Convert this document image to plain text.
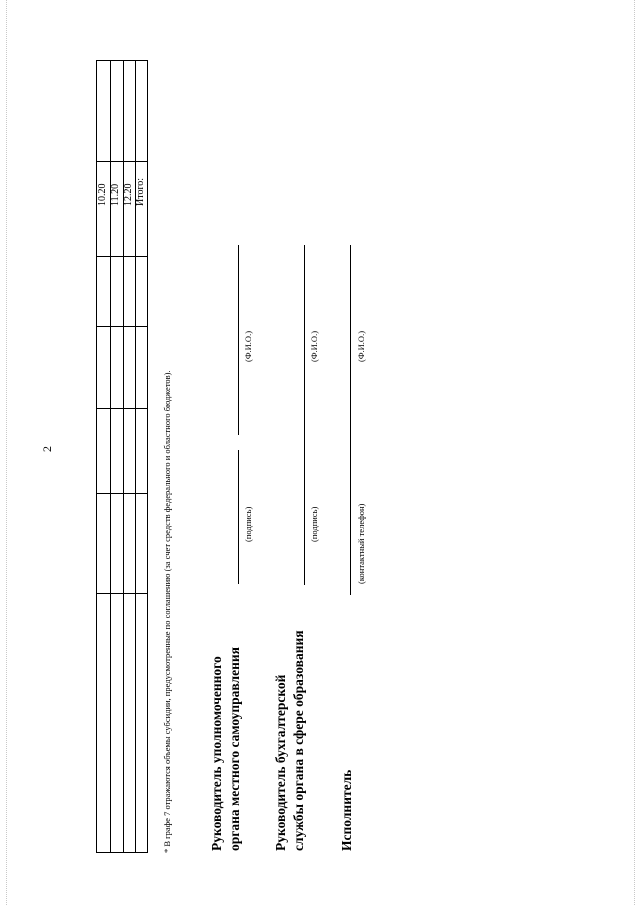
2
10.20 11.20 12.20 Итого:
* В графе 7 отражаются объемы субсидии, предусмотренные по соглашению (за счет средств федерального и областного бюджетов).	Руководитель уполномоченного органа местного самоуправления
(подпись)
(Ф.И.О.)
Руководитель бухгалтерской службы органа в сфере образования
(подпись)
(Ф.И.О.)
Исполнитель
(контактный телефон)
(Ф.И.О.)
